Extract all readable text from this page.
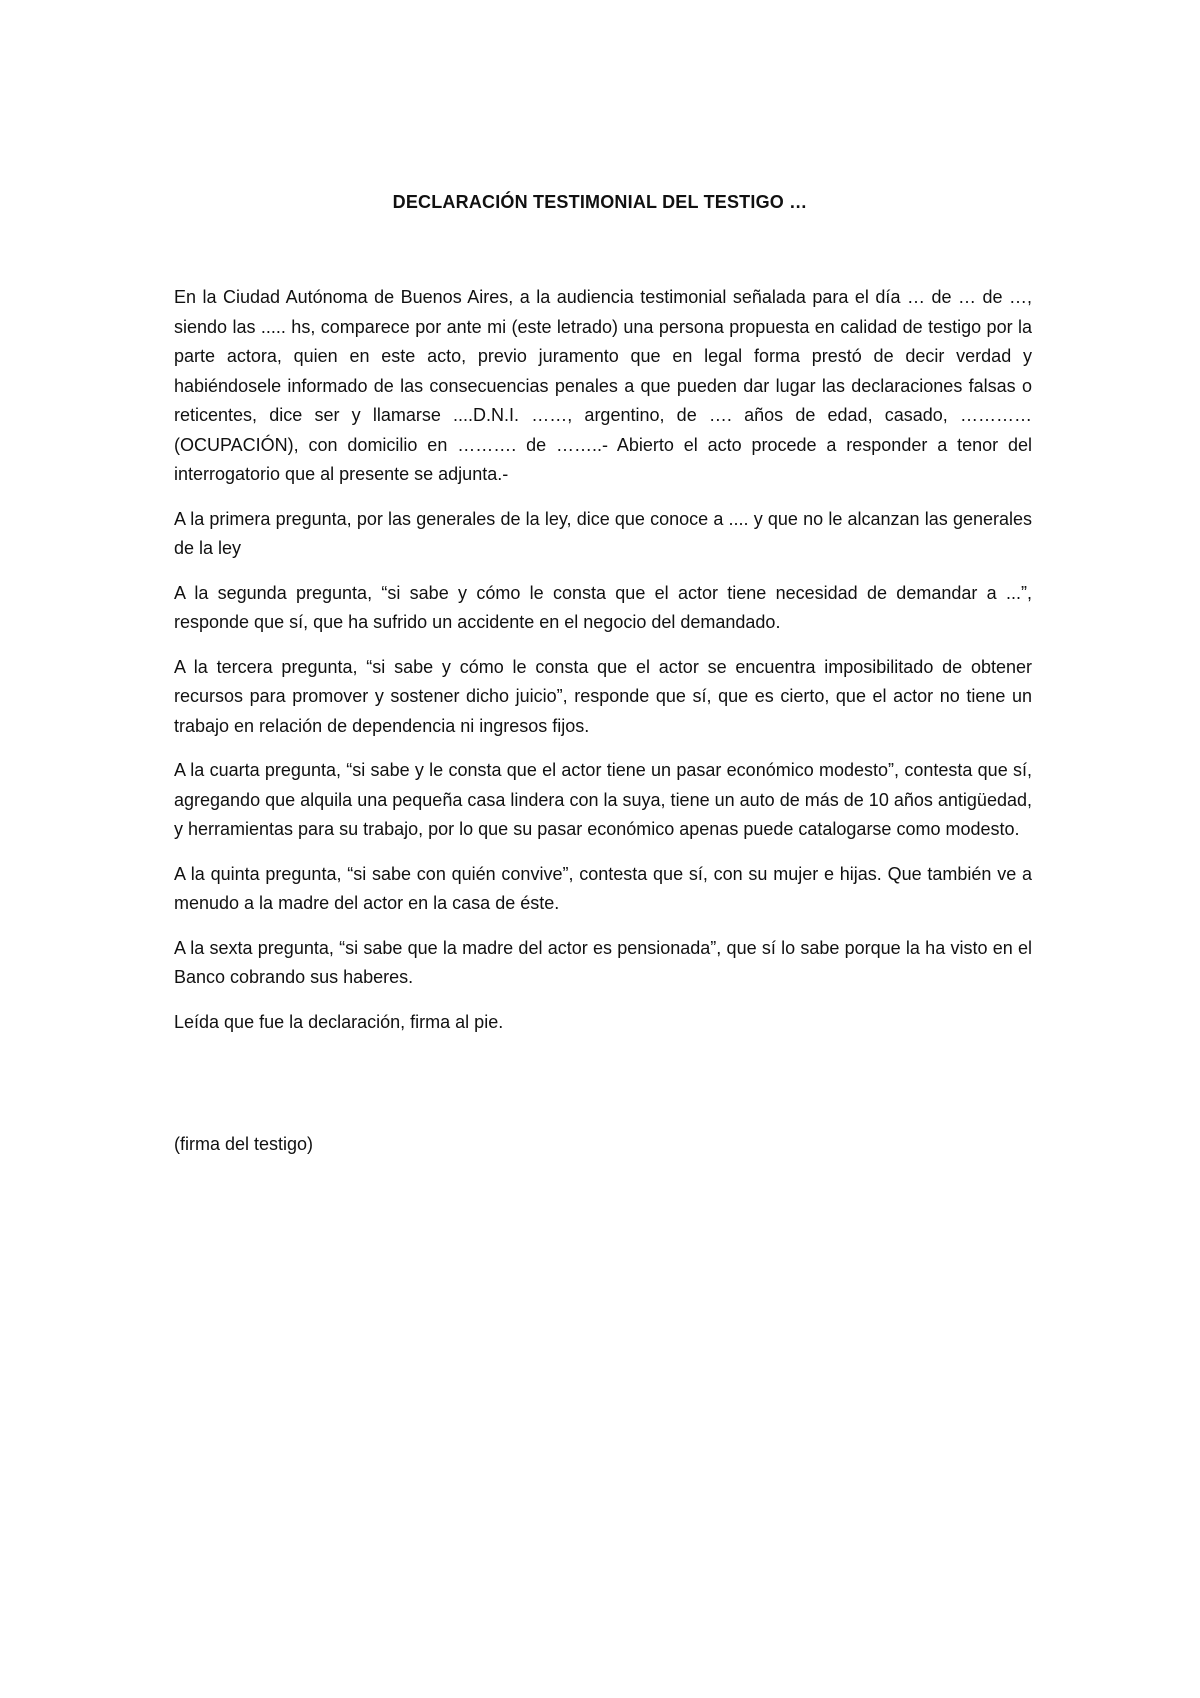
DECLARACIÓN TESTIMONIAL DEL TESTIGO …

En la Ciudad Autónoma de Buenos Aires, a la audiencia testimonial señalada para el día … de … de …, siendo las ..... hs, comparece por ante mi (este letrado) una persona propuesta en calidad de testigo por la parte actora, quien en este acto, previo juramento que en legal forma prestó de decir verdad y habiéndosele informado de las consecuencias penales a que pueden dar lugar las declaraciones falsas o reticentes, dice ser y llamarse ....D.N.I. ……, argentino, de …. años de edad, casado, …………(OCUPACIÓN), con domicilio en ………. de ……..- Abierto el acto procede a responder a tenor del interrogatorio que al presente se adjunta.-

A la primera pregunta, por las generales de la ley, dice que conoce a .... y que no le alcanzan las generales de la ley

A la segunda pregunta, “si sabe y cómo le consta que el actor tiene necesidad de demandar a ...”, responde que sí, que ha sufrido un accidente en el negocio del demandado.

A la tercera pregunta, “si sabe y cómo le consta que el actor se encuentra imposibilitado de obtener recursos para promover y sostener dicho juicio”, responde que sí, que es cierto, que el actor no tiene un trabajo en relación de dependencia ni ingresos fijos.

A la cuarta pregunta, “si sabe y le consta que el actor tiene un pasar económico modesto”, contesta que sí, agregando que alquila una pequeña casa lindera con la suya, tiene un auto de más de 10 años antigüedad, y herramientas para su trabajo, por lo que su pasar económico apenas puede catalogarse como modesto.

A la quinta pregunta, “si sabe con quién convive”, contesta que sí, con su mujer e hijas. Que también ve a menudo a la madre del actor en la casa de éste.

A la sexta pregunta, “si sabe que la madre del actor es pensionada”, que sí lo sabe porque la ha visto en el Banco cobrando sus haberes.

Leída que fue la declaración, firma al pie.

(firma del testigo)
